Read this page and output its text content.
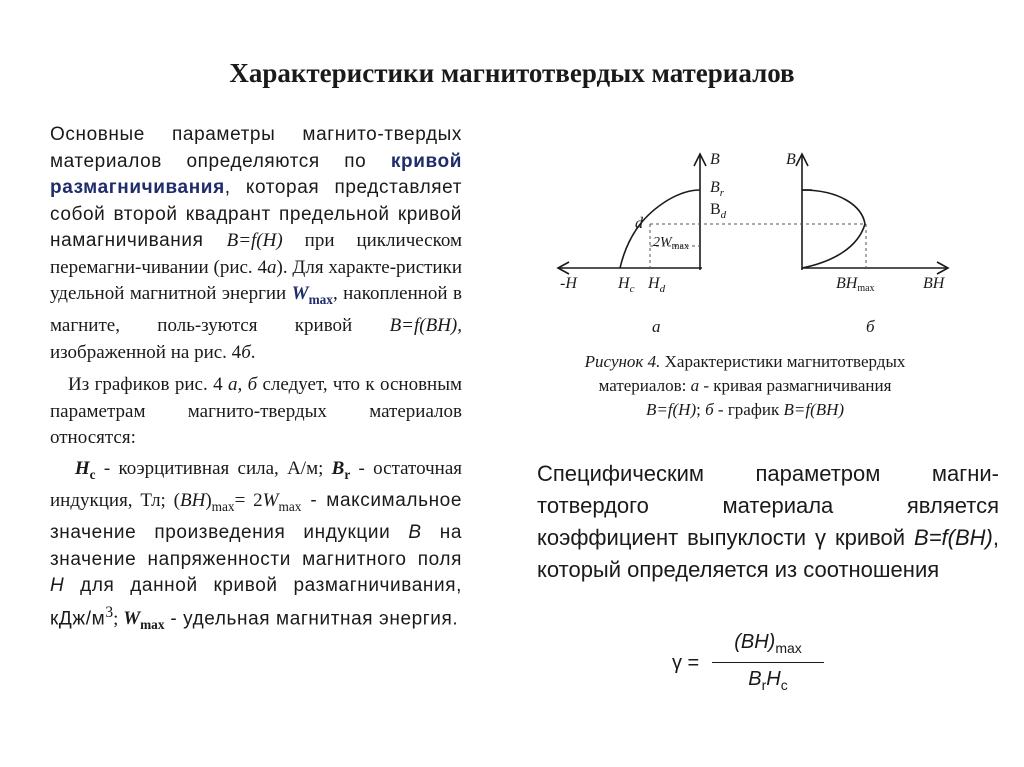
Характеристики магнитотвердых материалов

Основные параметры магнито-твердых материалов определяются по кривой размагничивания, которая представляет собой второй квадрант предельной кривой намагничивания B=f(H) при циклическом перемагни-чивании (рис. 4а). Для характе-ристики удельной магнитной энергии $W_{max}$, накопленной в магните, поль-зуются кривой B=f(BH), изображенной на рис. 4б.

Из графиков рис. 4 а, б следует, что к основным параметрам магнито-твердых материалов относятся:

$H_c$ - коэрцитивная сила, А/м; $B_r$ - остаточная индукция, Тл; $(BH)_{max}= 2W_{max}$ - максимальное значение произведения индукции B на значение напряженности магнитного поля H для данной кривой размагничивания, кДж/$м^3$; $W_{max}$ - удельная магнитная энергия.

B
$B_r$
$B_d$
d
$2W_{max}$
-H	$H_c$ $H_d$
а
B
BHmax	BH
б
Рисунок 4. Характеристики магнитотвердых
материалов: а - кривая размагничивания
B=f(H); б - график B=f(BH)
Специфическим параметром магни-тотвердого материала является коэффициент выпуклости γ кривой B=f(BH), который определяется из соотношения
γ =
$(BH)_{max}$
$B_rH_c$
